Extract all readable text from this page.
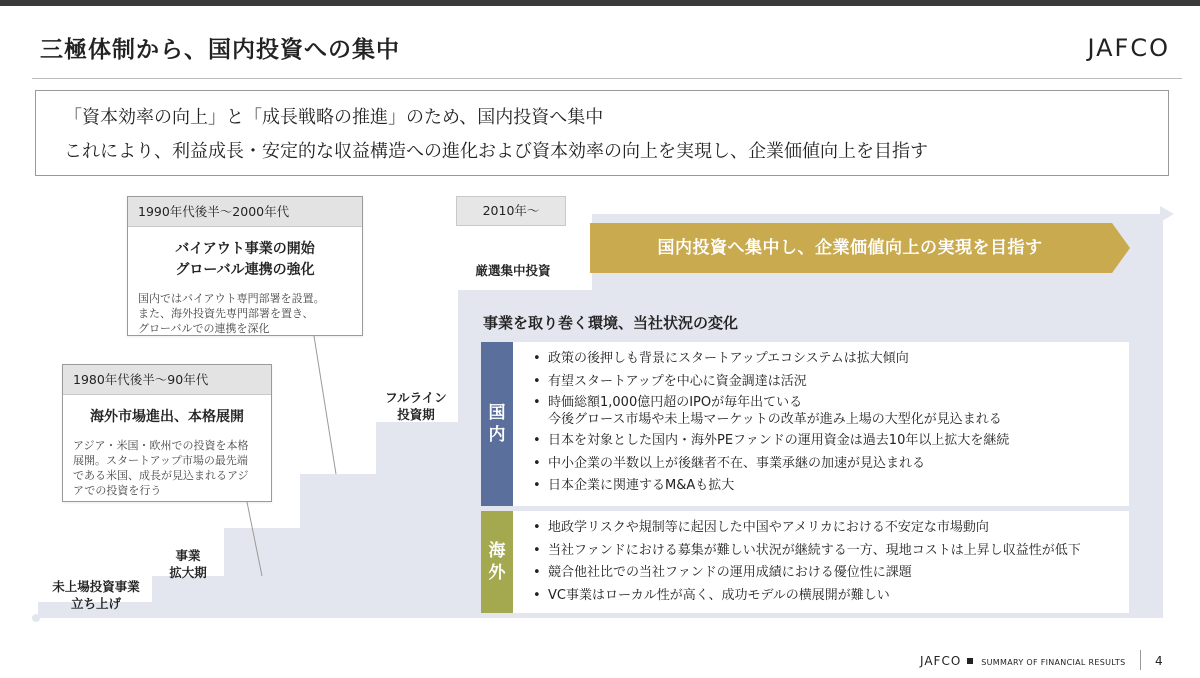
三極体制から、国内投資への集中	JAFCO
「資本効率の向上」と「成長戦略の推進」のため、国内投資へ集中
これにより、利益成長・安定的な収益構造への進化および資本効率の向上を実現し、企業価値向上を目指す
未上場投資事業
立ち上げ
事業
拡大期
フルライン
投資期
厳選集中投資
1980年代後半〜90年代
海外市場進出、本格展開
アジア・米国・欧州での投資を本格
展開。スタートアップ市場の最先端
である米国、成長が見込まれるアジ
アでの投資を行う
1990年代後半〜2000年代
バイアウト事業の開始
グローバル連携の強化
国内ではバイアウト専門部署を設置。
また、海外投資先専門部署を置き、
グローバルでの連携を深化
2010年〜
国内投資へ集中し、企業価値向上の実現を目指す
事業を取り巻く環境、当社状況の変化
国
内
• 政策の後押しも背景にスタートアップエコシステムは拡大傾向
• 有望スタートアップを中心に資金調達は活況
• 時価総額1,000億円超のIPOが毎年出ている
今後グロース市場や未上場マーケットの改革が進み上場の大型化が見込まれる
• 日本を対象とした国内・海外PEファンドの運用資金は過去10年以上拡大を継続
• 中小企業の半数以上が後継者不在、事業承継の加速が見込まれる
• 日本企業に関連するM&Aも拡大
海
外
• 地政学リスクや規制等に起因した中国やアメリカにおける不安定な市場動向
• 当社ファンドにおける募集が難しい状況が継続する一方、現地コストは上昇し収益性が低下
• 競合他社比での当社ファンドの運用成績における優位性に課題
• VC事業はローカル性が高く、成功モデルの横展開が難しい
JAFCO	SUMMARY OF FINANCIAL RESULTS 4
